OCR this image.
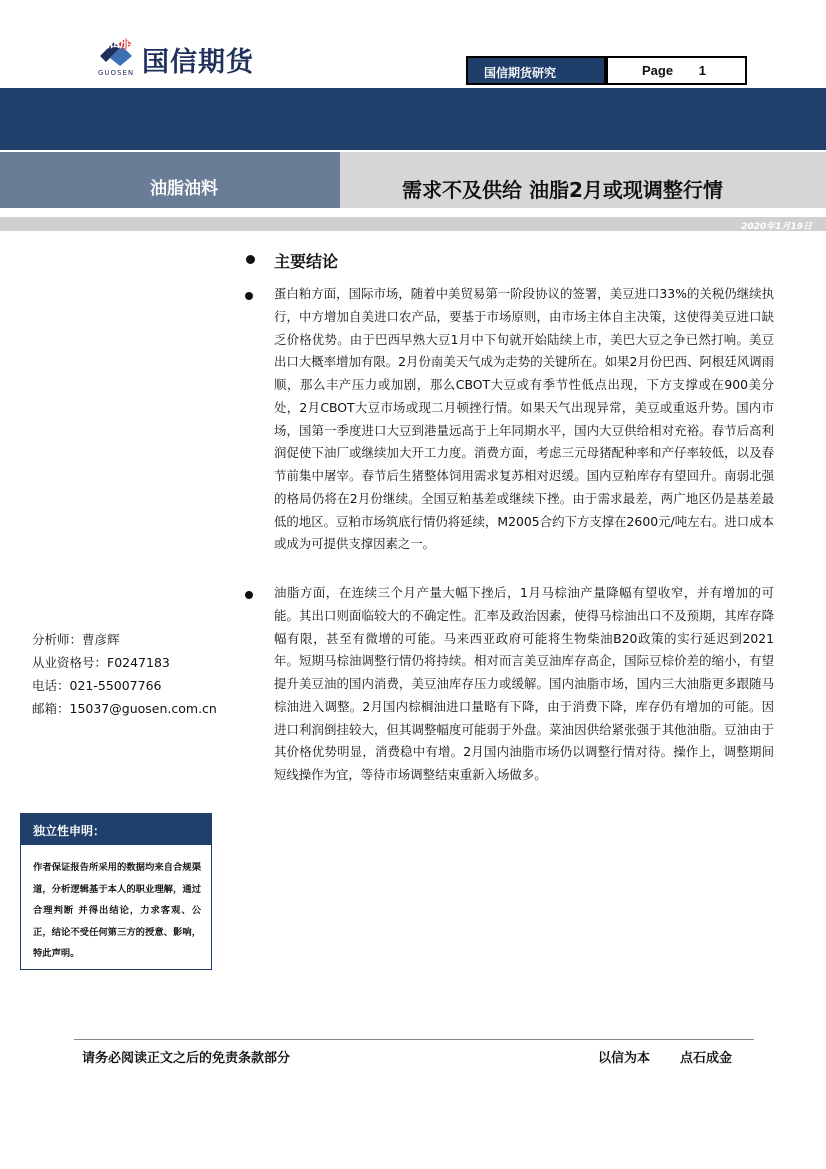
国信期货
GUOSEN	国信期货研究	Page 1
国信期货油脂油料月报
油脂油料	需求不及供给 油脂2月或现调整行情
2020年1月19日
主要结论
蛋白粕方面，国际市场，随着中美贸易第一阶段协议的签署，美豆进口33%的关税仍继续执行，中方增加自美进口农产品，要基于市场原则，由市场主体自主决策，这使得美豆进口缺乏价格优势。由于巴西早熟大豆1月中下旬就开始陆续上市，美巴大豆之争已然打响。美豆出口大概率增加有限。2月份南美天气成为走势的关键所在。如果2月份巴西、阿根廷风调雨顺，那么丰产压力或加剧，那么CBOT大豆或有季节性低点出现，下方支撑或在900美分处，2月CBOT大豆市场或现二月顿挫行情。如果天气出现异常，美豆或重返升势。国内市场，国第一季度进口大豆到港量远高于上年同期水平，国内大豆供给相对充裕。春节后高利润促使下油厂或继续加大开工力度。消费方面，考虑三元母猪配种率和产仔率较低，以及春节前集中屠宰。春节后生猪整体饲用需求复苏相对迟缓。国内豆粕库存有望回升。南弱北强的格局仍将在2月份继续。全国豆粕基差或继续下挫。由于需求最差，两广地区仍是基差最低的地区。豆粕市场筑底行情仍将延续，M2005合约下方支撑在2600元/吨左右。进口成本或成为可提供支撑因素之一。
油脂方面，在连续三个月产量大幅下挫后，1月马棕油产量降幅有望收窄，并有增加的可能。其出口则面临较大的不确定性。汇率及政治因素，使得马棕油出口不及预期，其库存降幅有限，甚至有微增的可能。马来西亚政府可能将生物柴油B20政策的实行延迟到2021年。短期马棕油调整行情仍将持续。相对而言美豆油库存高企，国际豆棕价差的缩小，有望提升美豆油的国内消费，美豆油库存压力或缓解。国内油脂市场，国内三大油脂更多跟随马棕油进入调整。2月国内棕榈油进口量略有下降，由于消费下降，库存仍有增加的可能。因进口利润倒挂较大，但其调整幅度可能弱于外盘。菜油因供给紧张强于其他油脂。豆油由于其价格优势明显，消费稳中有增。2月国内油脂市场仍以调整行情对待。操作上，调整期间短线操作为宜，等待市场调整结束重新入场做多。
分析师：曹彦辉
从业资格号：F0247183
电话：021-55007766
邮箱：15037@guosen.com.cn
独立性申明：
作者保证报告所采用的数据均来自合规渠道，分析逻辑基于本人的职业理解，通过合理判断 并得出结论，力求客观、公正，结论不受任何第三方的授意、影响，特此声明。
请务必阅读正文之后的免责条款部分	以信为本 点石成金
